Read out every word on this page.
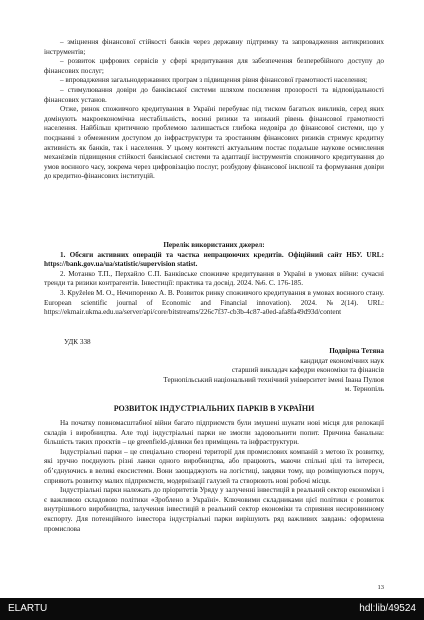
– зміцнення фінансової стійкості банків через державну підтримку та запровадження антикризових інструментів;

– розвиток цифрових сервісів у сфері кредитування для забезпечення безперебійного доступу до фінансових послуг;

– впровадження загальнодержавних програм з підвищення рівня фінансової грамотності населення;

– стимулювання довіри до банківської системи шляхом посилення прозорості та відповідальності фінансових установ.

Отже, ринок споживчого кредитування в Україні перебуває під тиском багатьох викликів, серед яких домінують макроекономічна нестабільність, воєнні ризики та низький рівень фінансової грамотності населення. Найбільш критичною проблемою залишається глибока недовіра до фінансової системи, що у поєднанні з обмеженим доступом до інфраструктури та зростанням фінансових ризиків стримує кредитну активність як банків, так і населення. У цьому контексті актуальним постає подальше наукове осмислення механізмів підвищення стійкості банківської системи та адаптації інструментів споживчого кредитування до умов воєнного часу, зокрема через цифровізацію послуг, розбудову фінансової інклюзії та формування довіри до кредитно-фінансових інституцій.

Перелік використаних джерел:

1. Обсяги активних операцій та частка непрацюючих кредитів. Офіційний сайт НБУ. URL: https://bank.gov.ua/ua/statistic/supervision statist.

2. Мотанко Т.П., Перхайло С.П. Банківське споживче кредитування в Україні в умовах війни: сучасні тренди та ризики контрагентів. Інвестиції: практика та досвід. 2024. №6. С. 176-185.

3. Круželев М. О., Нечипоренко А. В. Розвиток ринку споживчого кредитування в умовах воєнного стану. European scientific journal of Economic and Financial innovation). 2024. №2(14). URL: https://ekmair.ukma.edu.ua/server/api/core/bitstreams/226c7f37-cb3b-4c87-a0ed-afa8fa49d93d/content

УДК 338
Подвірна Тетяна
кандидат економічних наук
старший викладач кафедри економіки та фінансів
Тернопільський національний технічний університет імені Івана Пулюя
м. Тернопіль
РОЗВИТОК ІНДУСТРІАЛЬНИХ ПАРКІВ В УКРАЇНИ

На початку повномасштабної війни багато підприємств були змушені шукати нові місця для релокації складів і виробництва. Але тоді індустріальні парки не змогли задовольнити попит. Причина банальна: більшість таких проєктів – це greenfield-ділянки без приміщень та інфраструктури.

Індустріальні парки – це спеціально створені території для промислових компаній з метою їх розвитку, які зручно поєднують різні ланки одного виробництва, або працюють, маючи спільні цілі та інтереси, об’єднуючись в великі екосистеми. Вони заощаджують на логістиці, завдяки тому, що розміщуються поруч, сприяють розвитку малих підприємств, модернізації галузей та створюють нові робочі місця.

Індустріальні парки належать до пріоритетів Уряду у залученні інвестицій в реальний сектор економіки і є важливою складовою політики «Зроблено в Україні». Ключовими складниками цієї політики є розвиток внутрішнього виробництва, залучення інвестицій в реальний сектор економіки та сприяння несировинному експорту. Для потенційного інвестора індустріальні парки вирішують ряд важливих завдань: оформлена промислова

13
ELARTU	hdl:lib/49524
